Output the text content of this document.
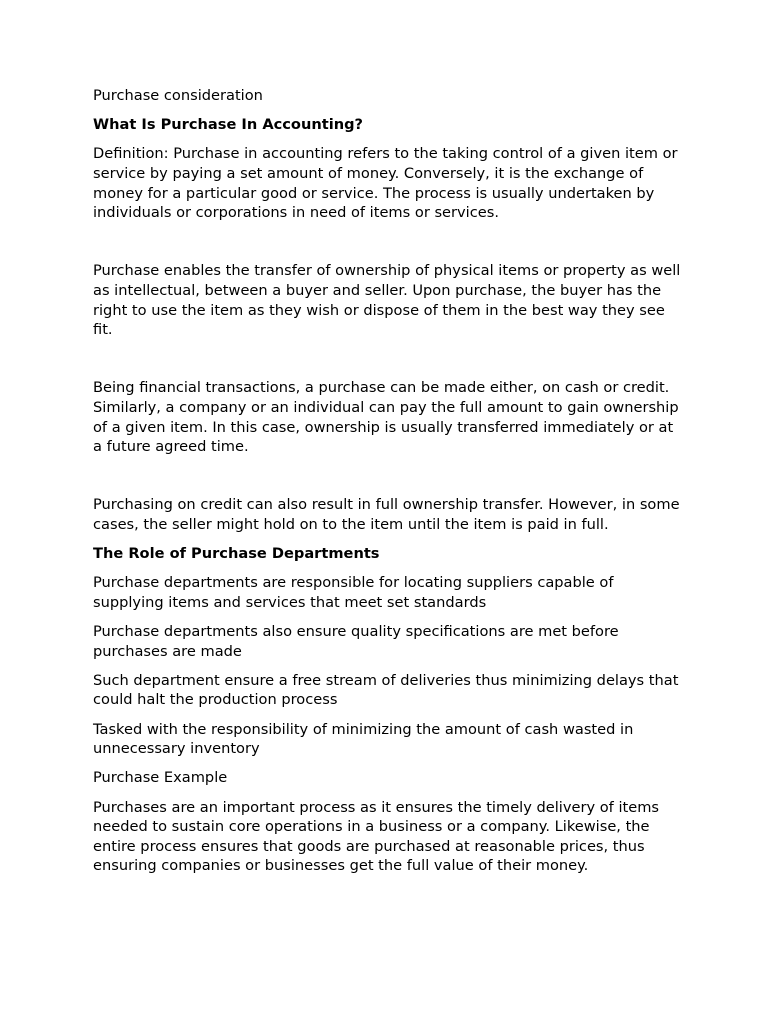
Purchase consideration

What Is Purchase In Accounting?

Definition: Purchase in accounting refers to the taking control of a given item or service by paying a set amount of money. Conversely, it is the exchange of money for a particular good or service. The process is usually undertaken by individuals or corporations in need of items or services.

Purchase enables the transfer of ownership of physical items or property as well as intellectual, between a buyer and seller. Upon purchase, the buyer has the right to use the item as they wish or dispose of them in the best way they see fit.

Being financial transactions, a purchase can be made either, on cash or credit. Similarly, a company or an individual can pay the full amount to gain ownership of a given item. In this case, ownership is usually transferred immediately or at a future agreed time.

Purchasing on credit can also result in full ownership transfer. However, in some cases, the seller might hold on to the item until the item is paid in full.

The Role of Purchase Departments

Purchase departments are responsible for locating suppliers capable of supplying items and services that meet set standards

Purchase departments also ensure quality specifications are met before purchases are made

Such department ensure a free stream of deliveries thus minimizing delays that could halt the production process

Tasked with the responsibility of minimizing the amount of cash wasted in unnecessary inventory

Purchase Example

Purchases are an important process as it ensures the timely delivery of items needed to sustain core operations in a business or a company. Likewise, the entire process ensures that goods are purchased at reasonable prices, thus ensuring companies or businesses get the full value of their money.
